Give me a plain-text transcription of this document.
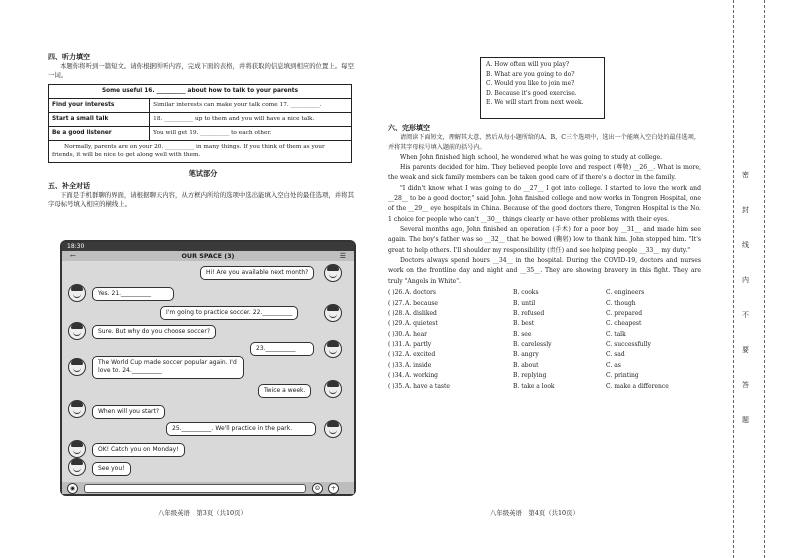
四、听力填空
本题你将听到一篇短文。请你根据所听内容，完成下面的表格，并将获取的信息填到相应的位置上。每空一词。
Some useful 16. __________ about how to talk to your parents	
Find your interests	Similar interests can make your talk come 17. __________.
Start a small talk	18. __________ up to them and you will have a nice talk.
Be a good listener	You will get 19. __________ to each other.
Normally, parents are on your 20. __________ in many things. If you think of them as your friends, it will be nice to get along well with them.	
笔试部分
五、补全对话
下面是手机群聊的界面，请根据聊天内容，从方框内所给的选项中选出能填入空白处的最佳选项，并将其字母标号填入相应的横线上。
18:30
OUR SPACE (3)
←	☰
Hi! Are you available next month?
Yes. 21.__________
I'm going to practice soccer. 22.__________
Sure. But why do you choose soccer?
23.__________
The World Cup made soccer popular again. I'd love to. 24.__________
Twice a week.
When will you start?
25.__________. We'll practice in the park.
OK! Catch you on Monday!
See you!
◉	☺	+
A. How often will you play?
B. What are you going to do?
C. Would you like to join me?
D. Because it's good exercise.
E. We will start from next week.
六、完形填空
请阅读下面短文，理解其大意，然后从每小题所给的A、B、C三个选项中，选出一个能填入空白处的最佳选项，并将其字母标号填入题前的括号内。

When John finished high school, he wondered what he was going to study at college.

His parents decided for him. They believed people love and respect (尊敬) __26__. What is more, the weak and sick family members can be taken good care of if there's a doctor in the family.

"I didn't know what I was going to do __27__ I got into college. I started to love the work and __28__ to be a good doctor," said John. John finished college and now works in Tongren Hospital, one of the __29__ eye hospitals in China. Because of the good doctors there, Tongren Hospital is the No. 1 choice for people who can't __30__ things clearly or have other problems with their eyes.

Several months ago, John finished an operation (手术) for a poor boy __31__ and made him see again. The boy's father was so __32__ that he bowed (鞠躬) low to thank him. John stopped him. "It's great to help others. I'll shoulder my responsibility (责任) and see helping people __33__ my duty."

Doctors always spend hours __34__ in the hospital. During the COVID-19, doctors and nurses work on the frontline day and night and __35__. They are showing bravery in this fight. They are truly "Angels in White".

( )26. A. doctors	B. cooks	C. engineers
( )27. A. because	B. until	C. though
( )28. A. disliked	B. refused	C. prepared
( )29. A. quietest	B. best	C. cheapest
( )30. A. hear	B. see	C. talk
( )31. A. partly	B. carelessly	C. successfully
( )32. A. excited	B. angry	C. sad
( )33. A. inside	B. about	C. as
( )34. A. working	B. replying	C. printing
( )35. A. have a taste	B. take a look	C. make a difference
八年级英语　第3页（共10页）	八年级英语　第4页（共10页）
密
封
线
内
不
要
答
题
